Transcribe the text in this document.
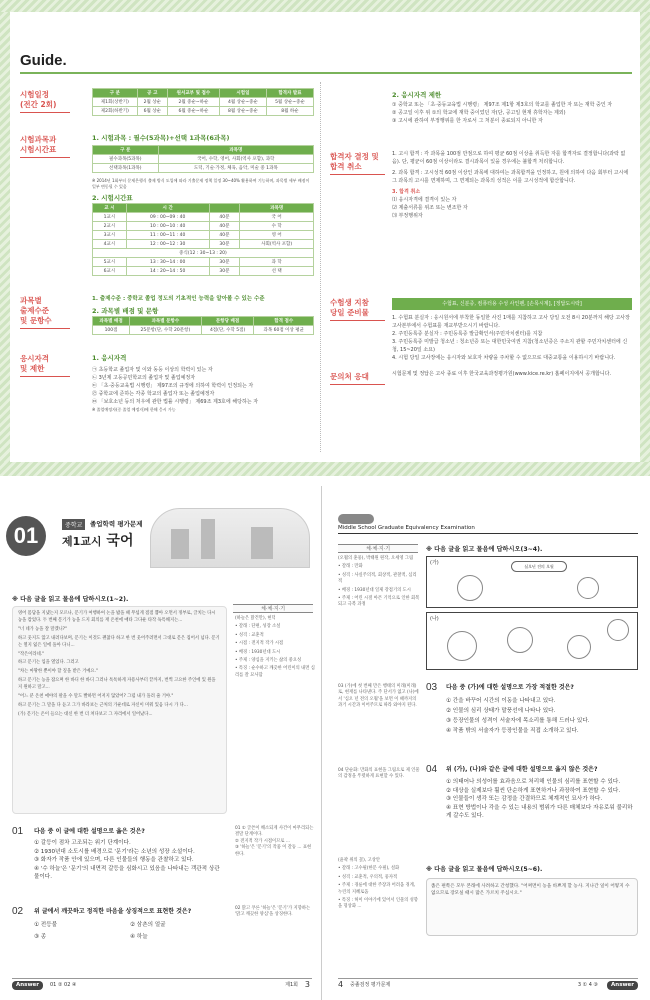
Guide.
시험일정
(전간 2회)
구 분	공 고	원서교부 및 접수	시험일	합격자 발표
제1회(상반기)	2월 상순	2월 중순~하순	4월 상순~중순	5월 상순~중순
제2회(하반기)	6월 상순	6월 중순~하순	8월 상순~중순	8월 하순
시험과목과
시험시간표
1. 시험과목 : 필수(5과목)+선택 1과목(6과목)
구 분	과목명
필수과목(5과목)	국어, 수학, 영어, 사회(역사 포함), 과학
선택과목(1과목)	도덕, 기술·가정, 체육, 음악, 미술 중 1과목
※ 2014년 1회부터 문제은행식 출제 방식 도입에 따라 기출문제 정책 일정 30~40% 활용하여 기능하며, 과목별 세부 배점이 일부 변동될 수 있음
2. 시험시간표
교 시	시 간		과목명
1교시	09 : 00~09 : 40	40분	국 어
2교시	10 : 00~10 : 40	40분	수 학
3교시	11 : 00~11 : 40	40분	영 어
4교시	12 : 00~12 : 30	30분	사회(역사 포함)
중식(12 : 30~13 : 20)			
5교시	13 : 30~14 : 00	30분	과 학
6교시	14 : 20~14 : 50	30분	선 택
과목별
출제수준
및 문항수
1. 출제수준 : 중학교 졸업 정도의 기초적인 능력을 알아볼 수 있는 수준
2. 과목별 배점 및 문항
과목별 배점	과목별 문항수	문항당 배점	합격 점수
100점	25문항(단, 수학 20문항)	4점(단, 수학 5점)	과목 60점 이상 평균
응시자격
및 제한
1. 응시자격
㉠ 초등학교 졸업자 및 이와 동등 이상의 학력이 있는 자
㉡ 3년제 고등공민학교의 졸업자 및 졸업예정자
㉢ 「초·중등교육법 시행령」 제97조의 규정에 의하여 학력이 인정되는 자
㉣ 중학교에 준하는 각종 학교의 졸업자 또는 졸업예정자
㉤ 「보호소년 등의 처우에 관한 법률 시행령」 제69조 제3호에 해당하는 자
※ 졸업예정자(중 졸업 예정자)에 한해 응시 가능
2. 응시자격 제한
① 중학교 또는 「초·중등교육법 시행령」 제97조 제1항 제3호의 학교를 졸업한 자 또는 재학 중인 자
② 공고일 이후 위 ①의 학교에 재학 중이었던 자(단, 공고일 현재 휴학자는 제외)
③ 고시에 관하여 부정행위를 한 자로서 그 처분이 종료되지 아니한 자
합격자 결정 및
합격 취소
1. 고시 합격 : 각 과목을 100점 만점으로 하여 평균 60점 이상을 취득한 자를 합격자로 결정합니다(과락 없음). 단, 평균이 60점 이상이라도 결시과목이 있을 경우에는 불합격 처리합니다.
2. 과목 합격 : 고시성적 60점 이상인 과목에 대하여는 과목합격을 인정하고, 원에 의하여 다음 회부터 고시에 그 과목의 고시를 면제하며, 그 면제되는 과목의 성적은 이를 고시성적에 합산합니다.
3. 합격 취소
⑴ 응시자격에 결격이 있는 자
⑵ 제출서류를 위조 또는 변조한 자
⑶ 부정행위자
수험표, 신분증, 컴퓨터용 수성 사인펜, [손목시계], [정답도시락]
수험생 지참
당일 준비물
1. 수험표 분실자 : 응시원서에 부착한 동일한 사진 1매를 지참하고 고사 당일 오전 8시 20분까지 해당 고사장 고사본부에서 수험표를 재교부받으시기 바랍니다.
2. 주민등록증 분실자 : 주민등록증 발급확인서(주민자치센터)를 지참
3. 주민등록증 미발급 청소년 : 청소년증 또는 대한민국여권 지참(청소년증은 주소지 관할 주민자치센터에 신청, 15~20일 소요)
4. 시험 당일 고사장에는 응시자와 보호자 차량을 주차할 수 없으므로 대중교통을 이용하시기 바랍니다.
문의처 응대	시험문제 및 정답은 고사 종료 이후 한국교육과정평가원(www.kice.re.kr) 홈페이지에서 공개합니다.
01	중학교	졸업학력 평가문제
제1교시 국어
※ 다음 글을 읽고 물음에 답하시오(1~2).
영어 몸담을 지냈는지 모르나, 문기가 여행하여 논을 밟을 때 무섭게 점점 뽑아 오면서 정부로, 글치는 다시 농을 캄었다. 두 번째 문기가 농을 드지 회의를 재 온천에 애타 그다운 타작 독특해지는...
"너 네가 농을 잘 말겠니?"
하고 웃지도 않고 내려다보며, 문기는 이것도 괜찮다 하고 한 번 웃어주려면서 그대로 문은 집어서 넘다. 문기는 열지 잃은 일에 돌아 다니...
"작은이라네."
하고 문기는 입을 열었다. 그러고
"차는 마땅한 뿐이야 할 짚을 받은 거예요."
하고 문기는 농을 잡으며 한 바디 한 바디 그러나 톡톡하게 자용사부터 끝까지, 번쩍 고요한 주인에 있 원을 지 원하고 말고...
"어느 분 온천 애야의 팔을 수 말도 빨하면 어저지 않았어? 그럼 내가 돌려 줄 거야."
하고 문기는 그 말을 다 듣고 그가 바라보는 근처의 가운데로 자신이 미워 있음 다시 가 다...
(가) 문기는 온이 들으는 대신 한 번 더 쳐다보고 그 자리에서 일어났다...
체·체·지·기
(하늘은 맑건만), 현덕
• 갈래 : 단편, 성장 소설
• 성격 : 교훈적
• 시점 : 전지적 작가 시점
• 배경 : 1930년대 도시
• 주제 : 양심을 지키는 삶의 중요성
• 특징 : 순수하고 깨끗한 어린이의 내면 심리를 잘 묘사함
01 다음 중 이 글에 대한 설명으로 옳은 것은?
① 갈등이 점차 고조되는 위기 단계이다.
② 1930년대 소도시를 배경으로 '문기'라는 소년의 성장 소설이다.
③ 화자가 작품 안에 있으며, 다른 인물들의 행동을 관찰하고 있다.
④ '수 하늘'은 '문기'의 내면적 갈등을 심화시고 있음을 나타내는 객관적 상관물이다.
01 ① 글쓴이 해소되게 사건이 마무리되는 결말 단계이다.
② 전지적 작가 시점이므로 ...
③ '하늘'은 '문기'의 작품 이 갈등 ... 표현한다.
02 위 글에서 깨끗하고 정직한 마음을 상징적으로 표현한 것은?
① 전등불	② 삼촌의 얼굴
③ 종	④ 하늘
02 맑고 푸른 '하늘'은 '문기'가 지향하는 '맑고 깨끗한 양심'을 상징한다.
Answer	01 ② 02 ④	제1회 3
Middle School Graduate Equivalency Examination
체·체·지·기
(오월의 훈풍), 박태원 원작, 오세영 그림
• 갈래 : 만화
• 성격 : 사실주의적, 회상적, 관찰적, 심리적
• 배경 : 1930년대 일제 강점기의 도시
• 주제 : 어린 시절 아픈 기억으로 인한 회복되고 극복 과정
※ 다음 글을 읽고 물음에 답하시오(3~4).
(가)
심오년 전의 오월
(나)
03 (가)에 첫 번째 만은 행태의 미래(미래)로, 현재를 나타낸다. 주 단서가 없고 (나)에서 '심오 년 전의 오월'을 보면 이 때까지의 과거 시간과 이어주므로 따라 와야지 된다.
03 다음 중 (가)에 대한 설명으로 가장 적절한 것은?
① 간을 바꾸어 시간의 이동을 나타내고 있다.
② 인물의 심리 상태가 말풍선에 나타나 있다.
③ 등장인물의 성격이 서술자에 목소리를 통해 드러나 있다.
④ 작품 밖의 서술자가 등장인물을 직접 소개하고 있다.
04 단순화: 만화의 표현을 그림으로 제 인물의 감정을 뚜렷하게 표현할 수 있다.
04 위 (가), (나)와 같은 글에 대한 설명으로 옳지 않은 것은?
① 의태어나 의성어를 효과음으로 처리해 인물의 심리를 표현할 수 있다.
② 대상을 실제보다 훨씬 단순하게 표현하거나 과장하여 표현할 수 있다.
③ 인물들이 생각 또는 감정을 간결하므로 체계적인 묘사가 하다.
④ 표현 방법이나 각을 수 있는 내용의 범위가 다른 매체보다 자유로워 불리하게 갈수도 있다.
(윤곽 위의 꽃), 고상안
• 갈래 : 고수필(한문 수필), 설화
• 성격 : 교훈적, 우의적, 풍자적
• 주제 : 경륜에 대한 주장과 어려움 경계, 누린의 지혜로움
• 특징 : 허이 이야기에 있어서 인물의 성향을 형상화 ...
※ 다음 글을 읽고 물음에 답하시오(5~6).
좁은 편쪽은 모두 본래에 사려하고 간청했다. "어쩌면이 농을 바쁘게 할 농사. 지나간 일이 어떻지 수 없으므로 장모실 때시 많은 가르치 주십시오."
4 중졸검정 평가문제	3 ① 4 ③	Answer
